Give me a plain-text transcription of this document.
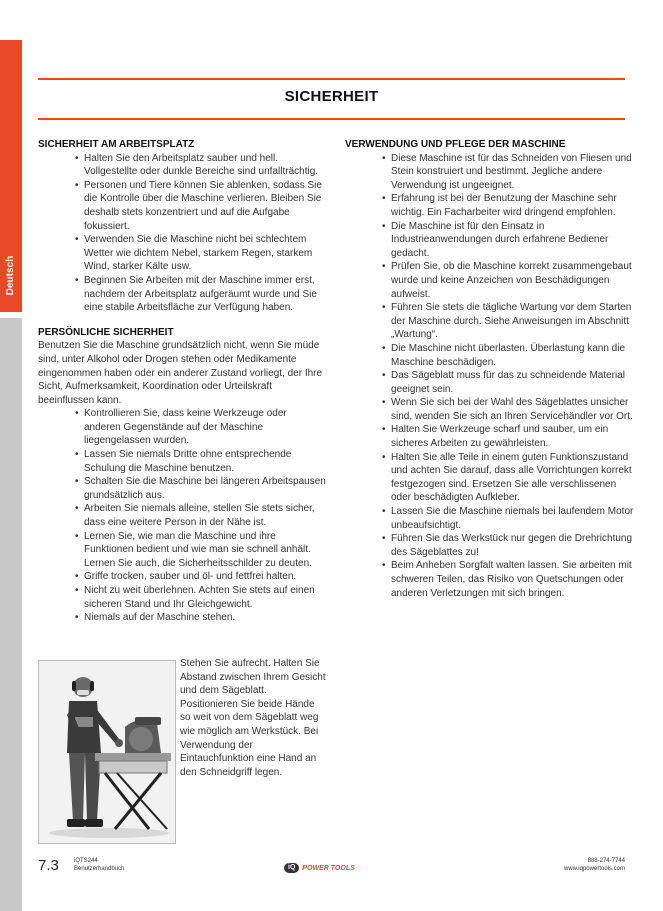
Deutsch
SICHERHEIT

SICHERHEIT AM ARBEITSPLATZ

• Halten Sie den Arbeitsplatz sauber und hell. Vollgestellte oder dunkle Bereiche sind unfallträchtig.
• Personen und Tiere können Sie ablenken, sodass Sie die Kontrolle über die Maschine verlieren. Bleiben Sie deshalb stets konzentriert und auf die Aufgabe fokussiert.
• Verwenden Sie die Maschine nicht bei schlechtem Wetter wie dichtem Nebel, starkem Regen, starkem Wind, starker Kälte usw.
• Beginnen Sie Arbeiten mit der Maschine immer erst, nachdem der Arbeitsplatz aufgeräumt wurde und Sie eine stabile Arbeitsfläche zur Verfügung haben.

PERSÖNLICHE SICHERHEIT

Benutzen Sie die Maschine grundsätzlich nicht, wenn Sie müde sind, unter Alkohol oder Drogen stehen oder Medikamente eingenommen haben oder ein anderer Zustand vorliegt, der Ihre Sicht, Aufmerksamkeit, Koordination oder Urteilskraft beeinflussen kann.

• Kontrollieren Sie, dass keine Werkzeuge oder anderen Gegenstände auf der Maschine liegengelassen wurden.
• Lassen Sie niemals Dritte ohne entsprechende Schulung die Maschine benutzen.
• Schalten Sie die Maschine bei längeren Arbeitspausen grundsätzlich aus.
• Arbeiten Sie niemals alleine, stellen Sie stets sicher, dass eine weitere Person in der Nähe ist.
• Lernen Sie, wie man die Maschine und ihre Funktionen bedient und wie man sie schnell anhält. Lernen Sie auch, die Sicherheitsschilder zu deuten.
• Griffe trocken, sauber und öl- und fettfrei halten.
• Nicht zu weit überlehnen. Achten Sie stets auf einen sicheren Stand und Ihr Gleichgewicht.
• Niemals auf der Maschine stehen.
Stehen Sie aufrecht. Halten Sie Abstand zwischen Ihrem Gesicht und dem Sägeblatt. Positionieren Sie beide Hände so weit von dem Sägeblatt weg wie möglich am Werkstück. Bei Verwendung der Eintauchfunktion eine Hand an den Schneidgriff legen.

VERWENDUNG UND PFLEGE DER MASCHINE

• Diese Maschine ist für das Schneiden von Fliesen und Stein konstruiert und bestimmt. Jegliche andere Verwendung ist ungeeignet.
• Erfahrung ist bei der Benutzung der Maschine sehr wichtig. Ein Facharbeiter wird dringend empfohlen.
• Die Maschine ist für den Einsatz in Industrieanwendungen durch erfahrene Bediener gedacht.
• Prüfen Sie, ob die Maschine korrekt zusammengebaut wurde und keine Anzeichen von Beschädigungen aufweist.
• Führen Sie stets die tägliche Wartung vor dem Starten der Maschine durch. Siehe Anweisungen im Abschnitt „Wartung“.
• Die Maschine nicht überlasten. Überlastung kann die Maschine beschädigen.
• Das Sägeblatt muss für das zu schneidende Material geeignet sein.
• Wenn Sie sich bei der Wahl des Sägeblattes unsicher sind, wenden Sie sich an Ihren Servicehändler vor Ort.
• Halten Sie Werkzeuge scharf und sauber, um ein sicheres Arbeiten zu gewährleisten.
• Halten Sie alle Teile in einem guten Funktionszustand und achten Sie darauf, dass alle Vorrichtungen korrekt festgezogen sind. Ersetzen Sie alle verschlissenen oder beschädigten Aufkleber.
• Lassen Sie die Maschine niemals bei laufendem Motor unbeaufsichtigt.
• Führen Sie das Werkstück nur gegen die Drehrichtung des Sägeblattes zu!
• Beim Anheben Sorgfalt walten lassen. Sie arbeiten mit schweren Teilen, das Risiko von Quetschungen oder anderen Verletzungen mit sich bringen.
7.3	iQTS244
Benutzerhandbuch	iQ	POWER TOOLS
888-274-7744
www.iqpowertools.com
